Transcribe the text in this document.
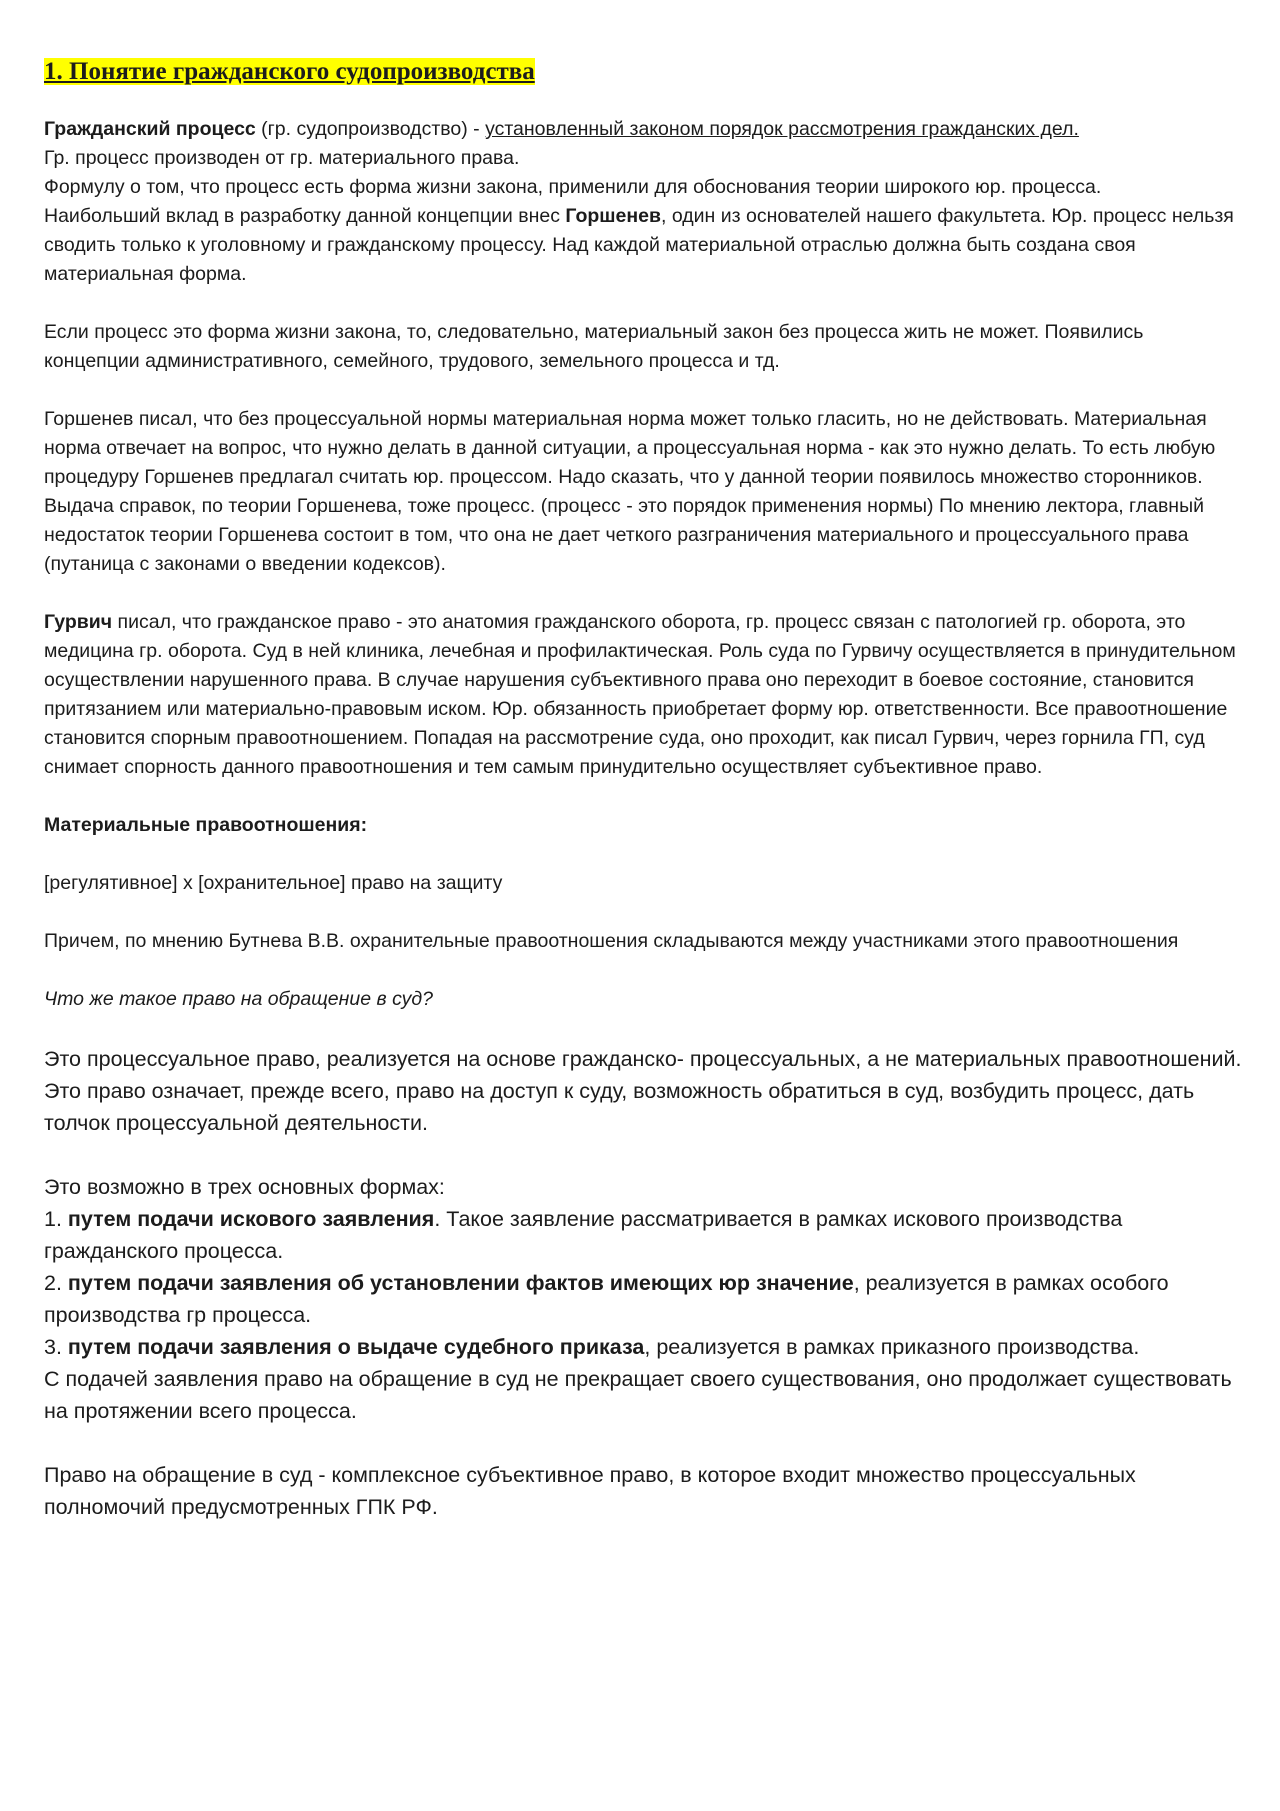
1. Понятие гражданского судопроизводства

Гражданский процесс (гр. судопроизводство) - установленный законом порядок рассмотрения гражданских дел.
Гр. процесс производен от гр. материального права.
Формулу о том, что процесс есть форма жизни закона, применили для обоснования теории широкого юр. процесса.
Наибольший вклад в разработку данной концепции внес Горшенев, один из основателей нашего факультета. Юр. процесс нельзя сводить только к уголовному и гражданскому процессу. Над каждой материальной отраслью должна быть создана своя материальная форма.

Если процесс это форма жизни закона, то, следовательно, материальный закон без процесса жить не может. Появились концепции административного, семейного, трудового, земельного процесса и тд.

Горшенев писал, что без процессуальной нормы материальная норма может только гласить, но не действовать. Материальная норма отвечает на вопрос, что нужно делать в данной ситуации, а процессуальная норма - как это нужно делать. То есть любую процедуру Горшенев предлагал считать юр. процессом. Надо сказать, что у данной теории появилось множество сторонников. Выдача справок, по теории Горшенева, тоже процесс. (процесс - это порядок применения нормы) По мнению лектора, главный недостаток теории Горшенева состоит в том, что она не дает четкого разграничения материального и процессуального права (путаница с законами о введении кодексов).

Гурвич писал, что гражданское право - это анатомия гражданского оборота, гр. процесс связан с патологией гр. оборота, это медицина гр. оборота. Суд в ней клиника, лечебная и профилактическая. Роль суда по Гурвичу осуществляется в принудительном осуществлении нарушенного права. В случае нарушения субъективного права оно переходит в боевое состояние, становится притязанием или материально-правовым иском. Юр. обязанность приобретает форму юр. ответственности. Все правоотношение становится спорным правоотношением. Попадая на рассмотрение суда, оно проходит, как писал Гурвич, через горнила ГП, суд снимает спорность данного правоотношения и тем самым принудительно осуществляет субъективное право.

Материальные правоотношения:

[регулятивное] х [охранительное] право на защиту

Причем, по мнению Бутнева В.В. охранительные правоотношения складываются между участниками этого правоотношения

Что же такое право на обращение в суд?

Это процессуальное право, реализуется на основе гражданско- процессуальных, а не материальных правоотношений. Это право означает, прежде всего, право на доступ к суду, возможность обратиться в суд, возбудить процесс, дать толчок процессуальной деятельности.

Это возможно в трех основных формах:
1. путем подачи искового заявления. Такое заявление рассматривается в рамках искового производства гражданского процесса.
2. путем подачи заявления об установлении фактов имеющих юр значение, реализуется в рамках особого производства гр процесса.
3. путем подачи заявления о выдаче судебного приказа, реализуется в рамках приказного производства.
С подачей заявления право на обращение в суд не прекращает своего существования, оно продолжает существовать на протяжении всего процесса.

Право на обращение в суд - комплексное субъективное право, в которое входит множество процессуальных полномочий предусмотренных ГПК РФ.
